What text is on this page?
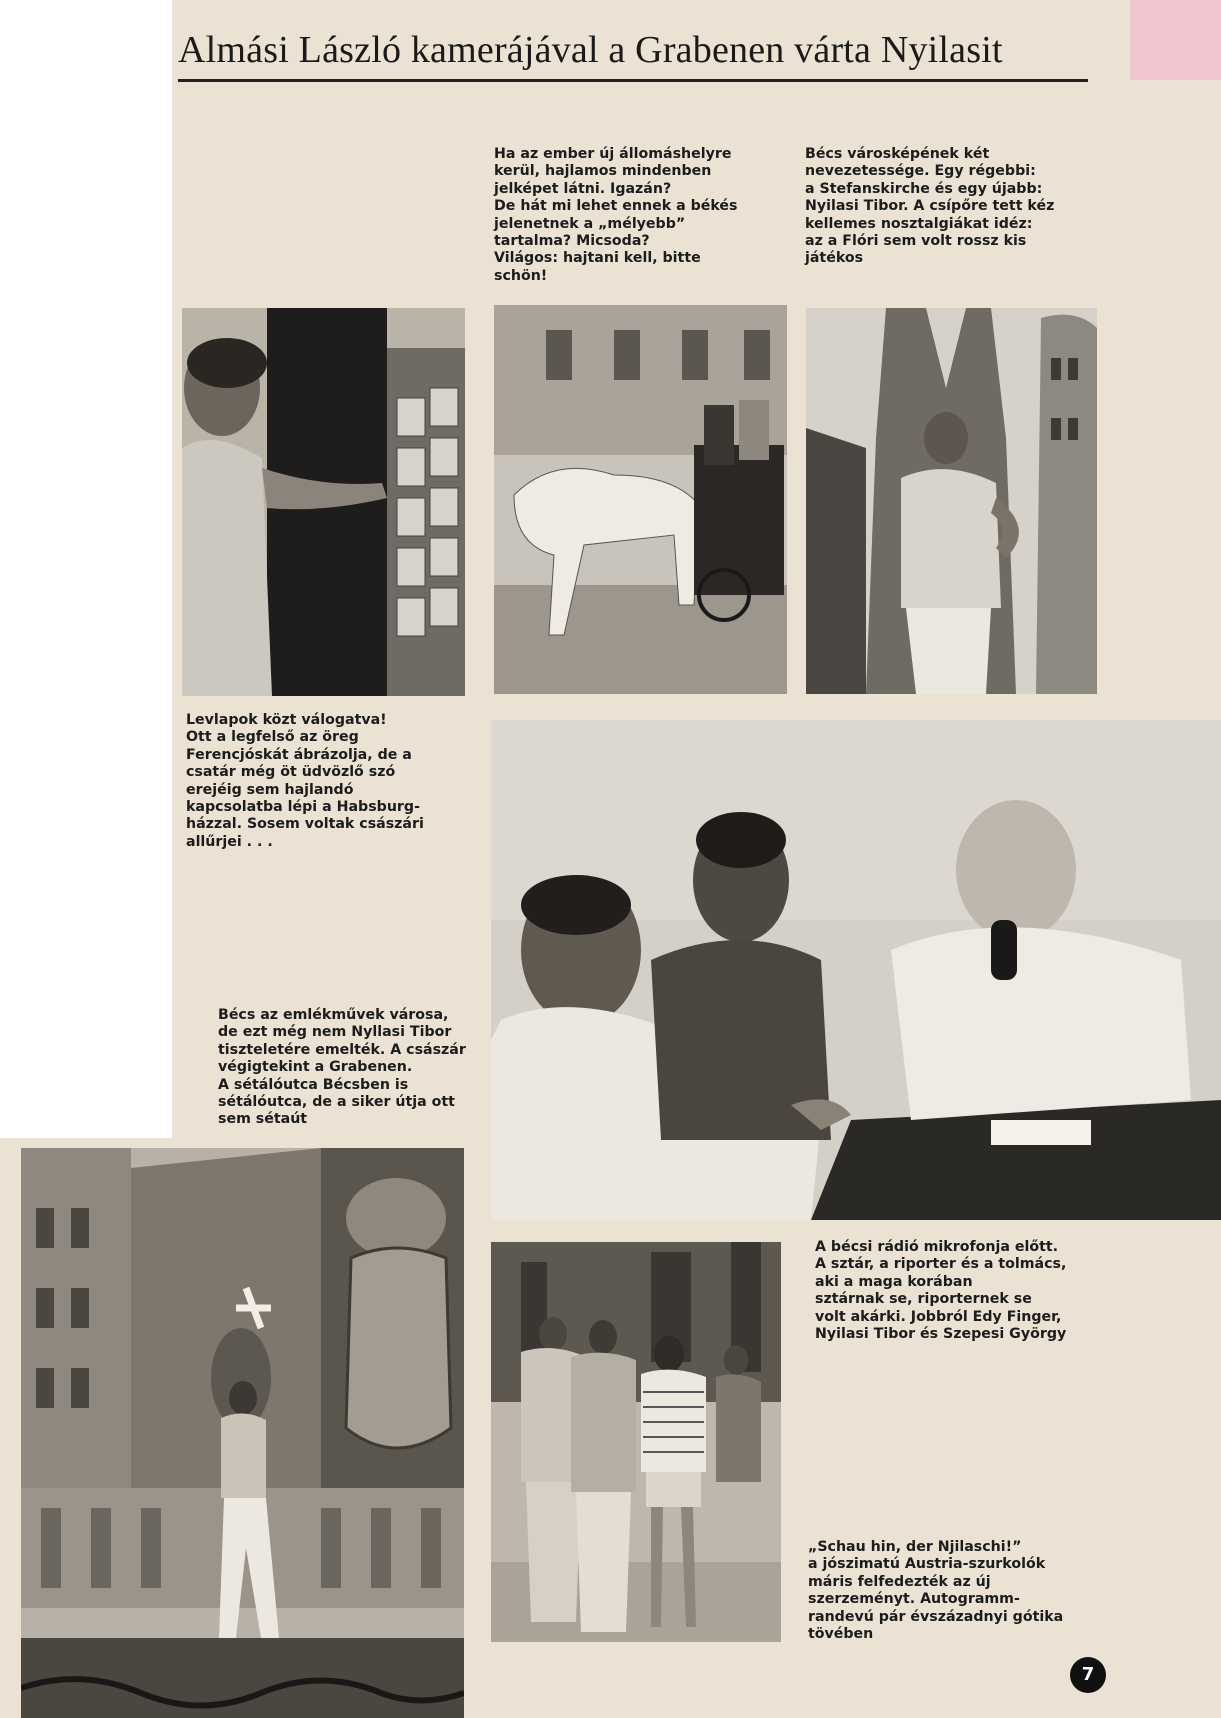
Almási László kamerájával a Grabenen várta Nyilasit
Ha az ember új állomáshelyre
kerül, hajlamos mindenben
jelképet látni. Igazán?
De hát mi lehet ennek a békés
jelenetnek a „mélyebb”
tartalma? Micsoda?
Világos: hajtani kell, bitte
schön!
Bécs városképének két
nevezetessége. Egy régebbi:
a Stefanskirche és egy újabb:
Nyilasi Tibor. A csípőre tett kéz
kellemes nosztalgiákat idéz:
az a Flóri sem volt rossz kis
játékos
Levlapok közt válogatva!
Ott a legfelső az öreg
Ferencjóskát ábrázolja, de a
csatár még öt üdvözlő szó
erejéig sem hajlandó
kapcsolatba lépi a Habsburg-
házzal. Sosem voltak császári
allűrjei . . .
Bécs az emlékművek városa,
de ezt még nem Nyllasi Tibor
tiszteletére emelték. A császár
végigtekint a Grabenen.
A sétálóutca Bécsben is
sétálóutca, de a siker útja ott
sem sétaút
A bécsi rádió mikrofonja előtt.
A sztár, a riporter és a tolmács,
aki a maga korában
sztárnak se, riporternek se
volt akárki. Jobbról Edy Finger,
Nyilasi Tibor és Szepesi György
„Schau hin, der Njilaschi!”
a jószimatú Austria-szurkolók
máris felfedezték az új
szerzeményt. Autogramm-
randevú pár évszázadnyi gótika
tövében
7
